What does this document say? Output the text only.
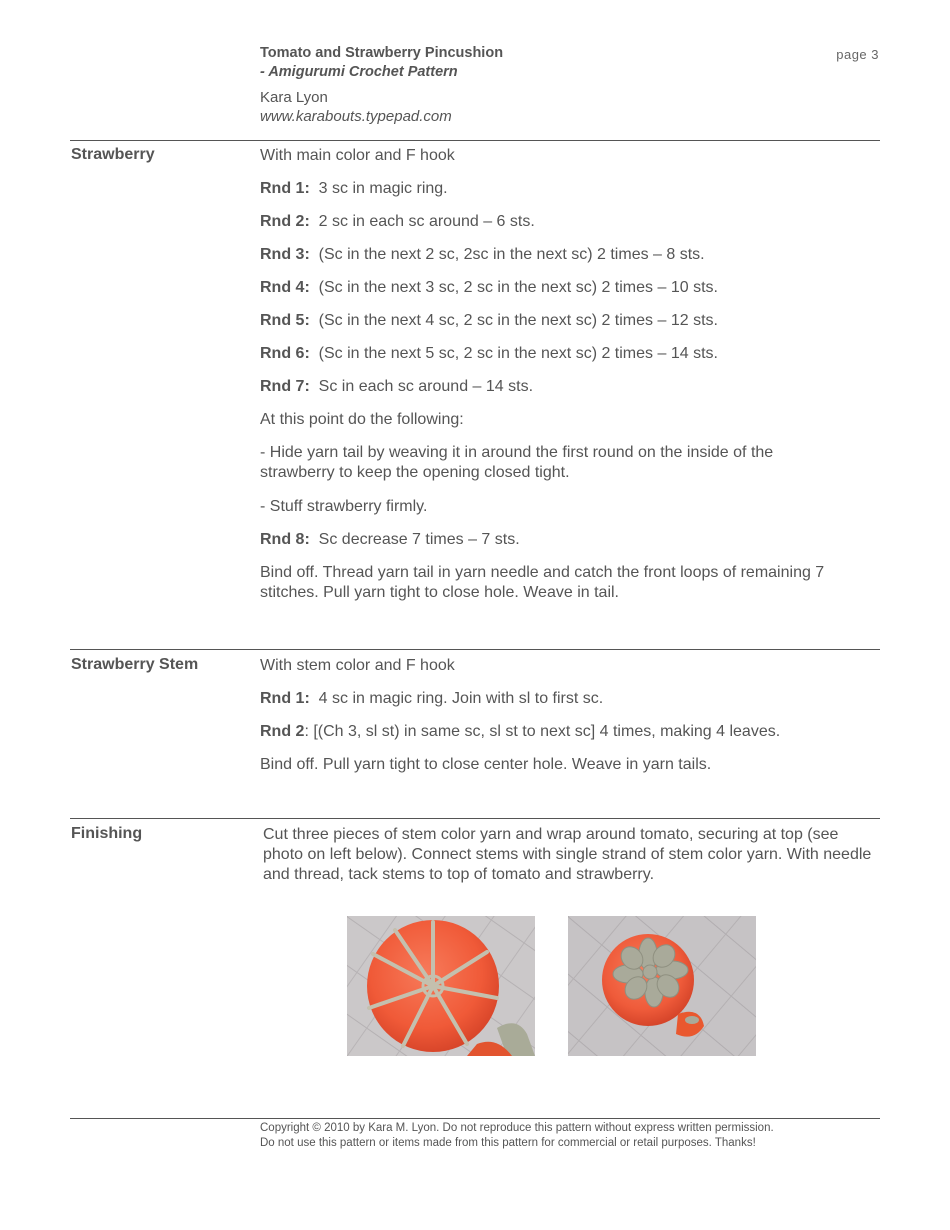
Tomato and Strawberry Pincushion
- Amigurumi Crochet Pattern
Kara Lyon
www.karabouts.typepad.com
page 3
Strawberry	With main color and F hook
Rnd 1: 3 sc in magic ring.
Rnd 2: 2 sc in each sc around – 6 sts.
Rnd 3: (Sc in the next 2 sc, 2sc in the next sc) 2 times – 8 sts.
Rnd 4: (Sc in the next 3 sc, 2 sc in the next sc) 2 times – 10 sts.
Rnd 5: (Sc in the next 4 sc, 2 sc in the next sc) 2 times – 12 sts.
Rnd 6: (Sc in the next 5 sc, 2 sc in the next sc) 2 times – 14 sts.
Rnd 7: Sc in each sc around – 14 sts.
At this point do the following:
- Hide yarn tail by weaving it in around the first round on the inside of the strawberry to keep the opening closed tight.
- Stuff strawberry firmly.
Rnd 8: Sc decrease 7 times – 7 sts.
Bind off. Thread yarn tail in yarn needle and catch the front loops of remaining 7 stitches. Pull yarn tight to close hole. Weave in tail.
Strawberry Stem	With stem color and F hook
Rnd 1: 4 sc in magic ring. Join with sl to first sc.
Rnd 2: [(Ch 3, sl st) in same sc, sl st to next sc] 4 times, making 4 leaves.
Bind off. Pull yarn tight to close center hole. Weave in yarn tails.
Finishing	Cut three pieces of stem color yarn and wrap around tomato, securing at top (see photo on left below). Connect stems with single strand of stem color yarn. With needle and thread, tack stems to top of tomato and strawberry.
Copyright © 2010 by Kara M. Lyon. Do not reproduce this pattern without express written permission.
Do not use this pattern or items made from this pattern for commercial or retail purposes. Thanks!
